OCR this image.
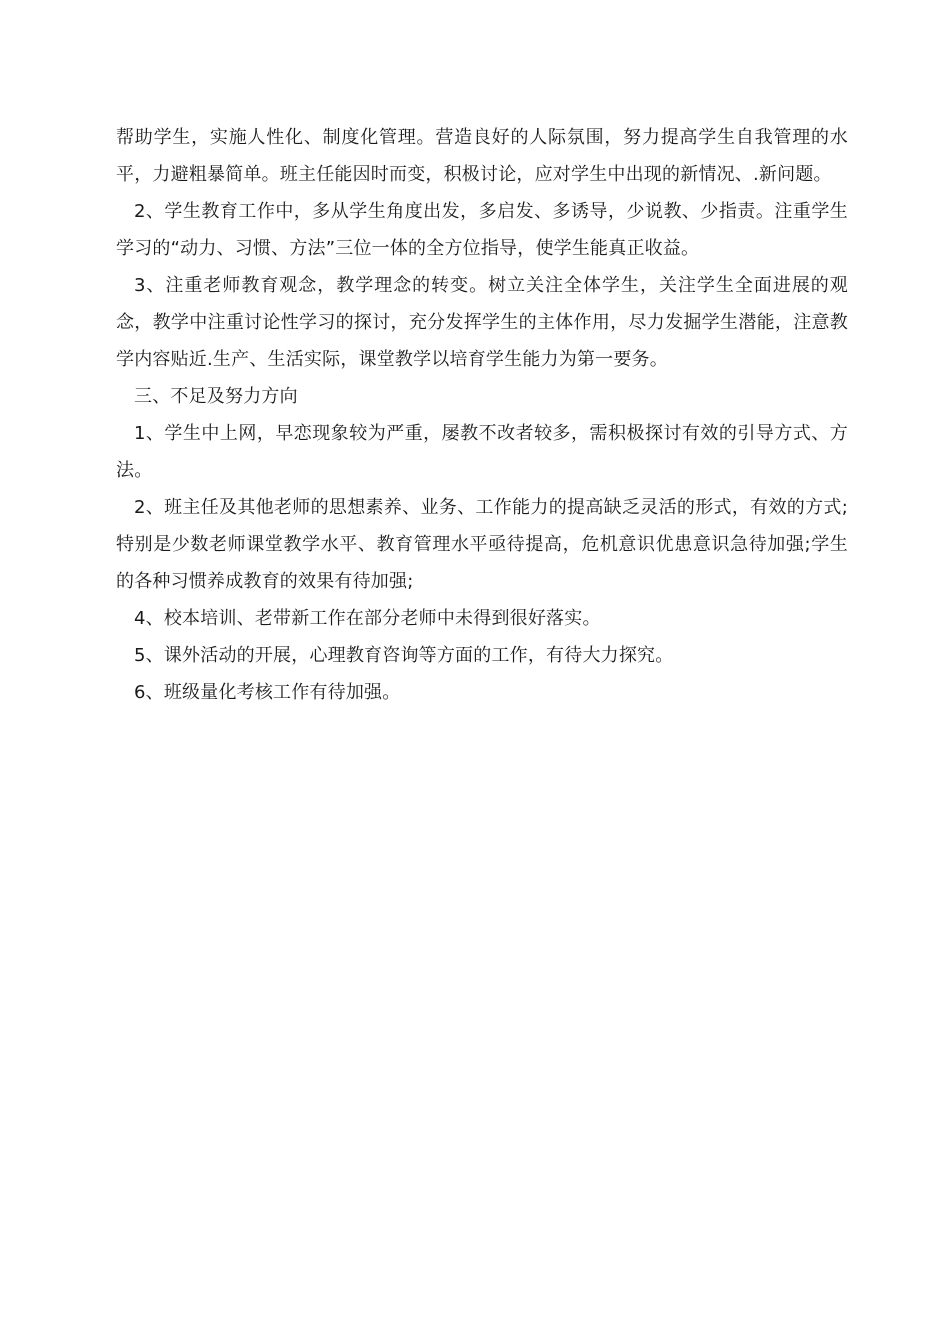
帮助学生，实施人性化、制度化管理。营造良好的人际氛围，努力提高学生自我管理的水平，力避粗暴简单。班主任能因时而变，积极讨论，应对学生中出现的新情况、.新问题。

2、学生教育工作中，多从学生角度出发，多启发、多诱导，少说教、少指责。注重学生学习的“动力、习惯、方法”三位一体的全方位指导，使学生能真正收益。

3、注重老师教育观念，教学理念的转变。树立关注全体学生，关注学生全面进展的观念，教学中注重讨论性学习的探讨，充分发挥学生的主体作用，尽力发掘学生潜能，注意教学内容贴近.生产、生活实际，课堂教学以培育学生能力为第一要务。

三、不足及努力方向

1、学生中上网，早恋现象较为严重，屡教不改者较多，需积极探讨有效的引导方式、方法。

2、班主任及其他老师的思想素养、业务、工作能力的提高缺乏灵活的形式，有效的方式;特别是少数老师课堂教学水平、教育管理水平亟待提高，危机意识优患意识急待加强;学生的各种习惯养成教育的效果有待加强;

4、校本培训、老带新工作在部分老师中未得到很好落实。

5、课外活动的开展，心理教育咨询等方面的工作，有待大力探究。

6、班级量化考核工作有待加强。
